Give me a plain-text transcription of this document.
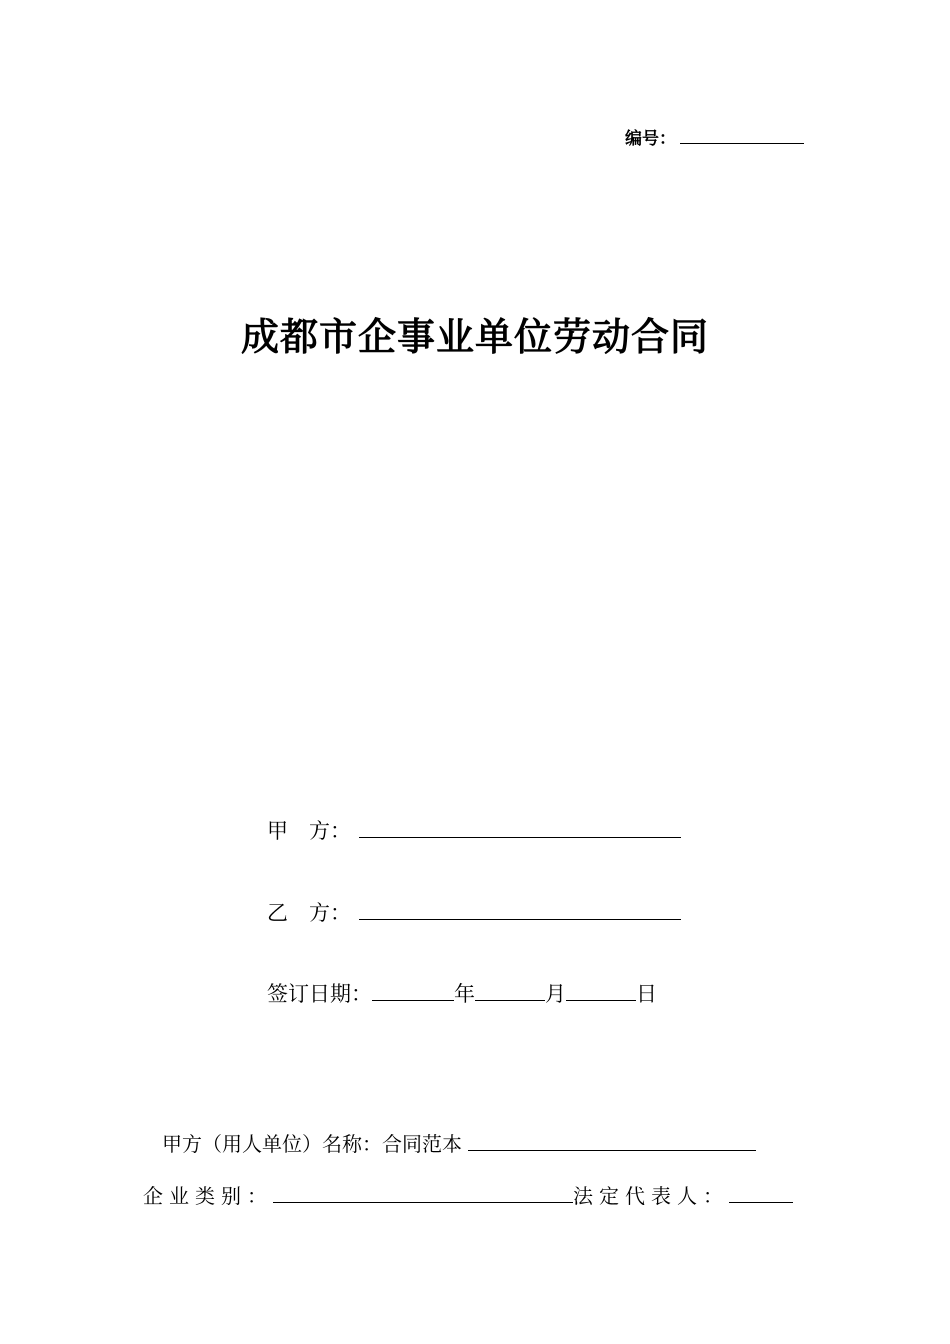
编号：
成都市企事业单位劳动合同
甲　方：
乙　方：
签订日期：	年	月	日
甲方（用人单位）名称：合同范本
企业类别：	法定代表人：
